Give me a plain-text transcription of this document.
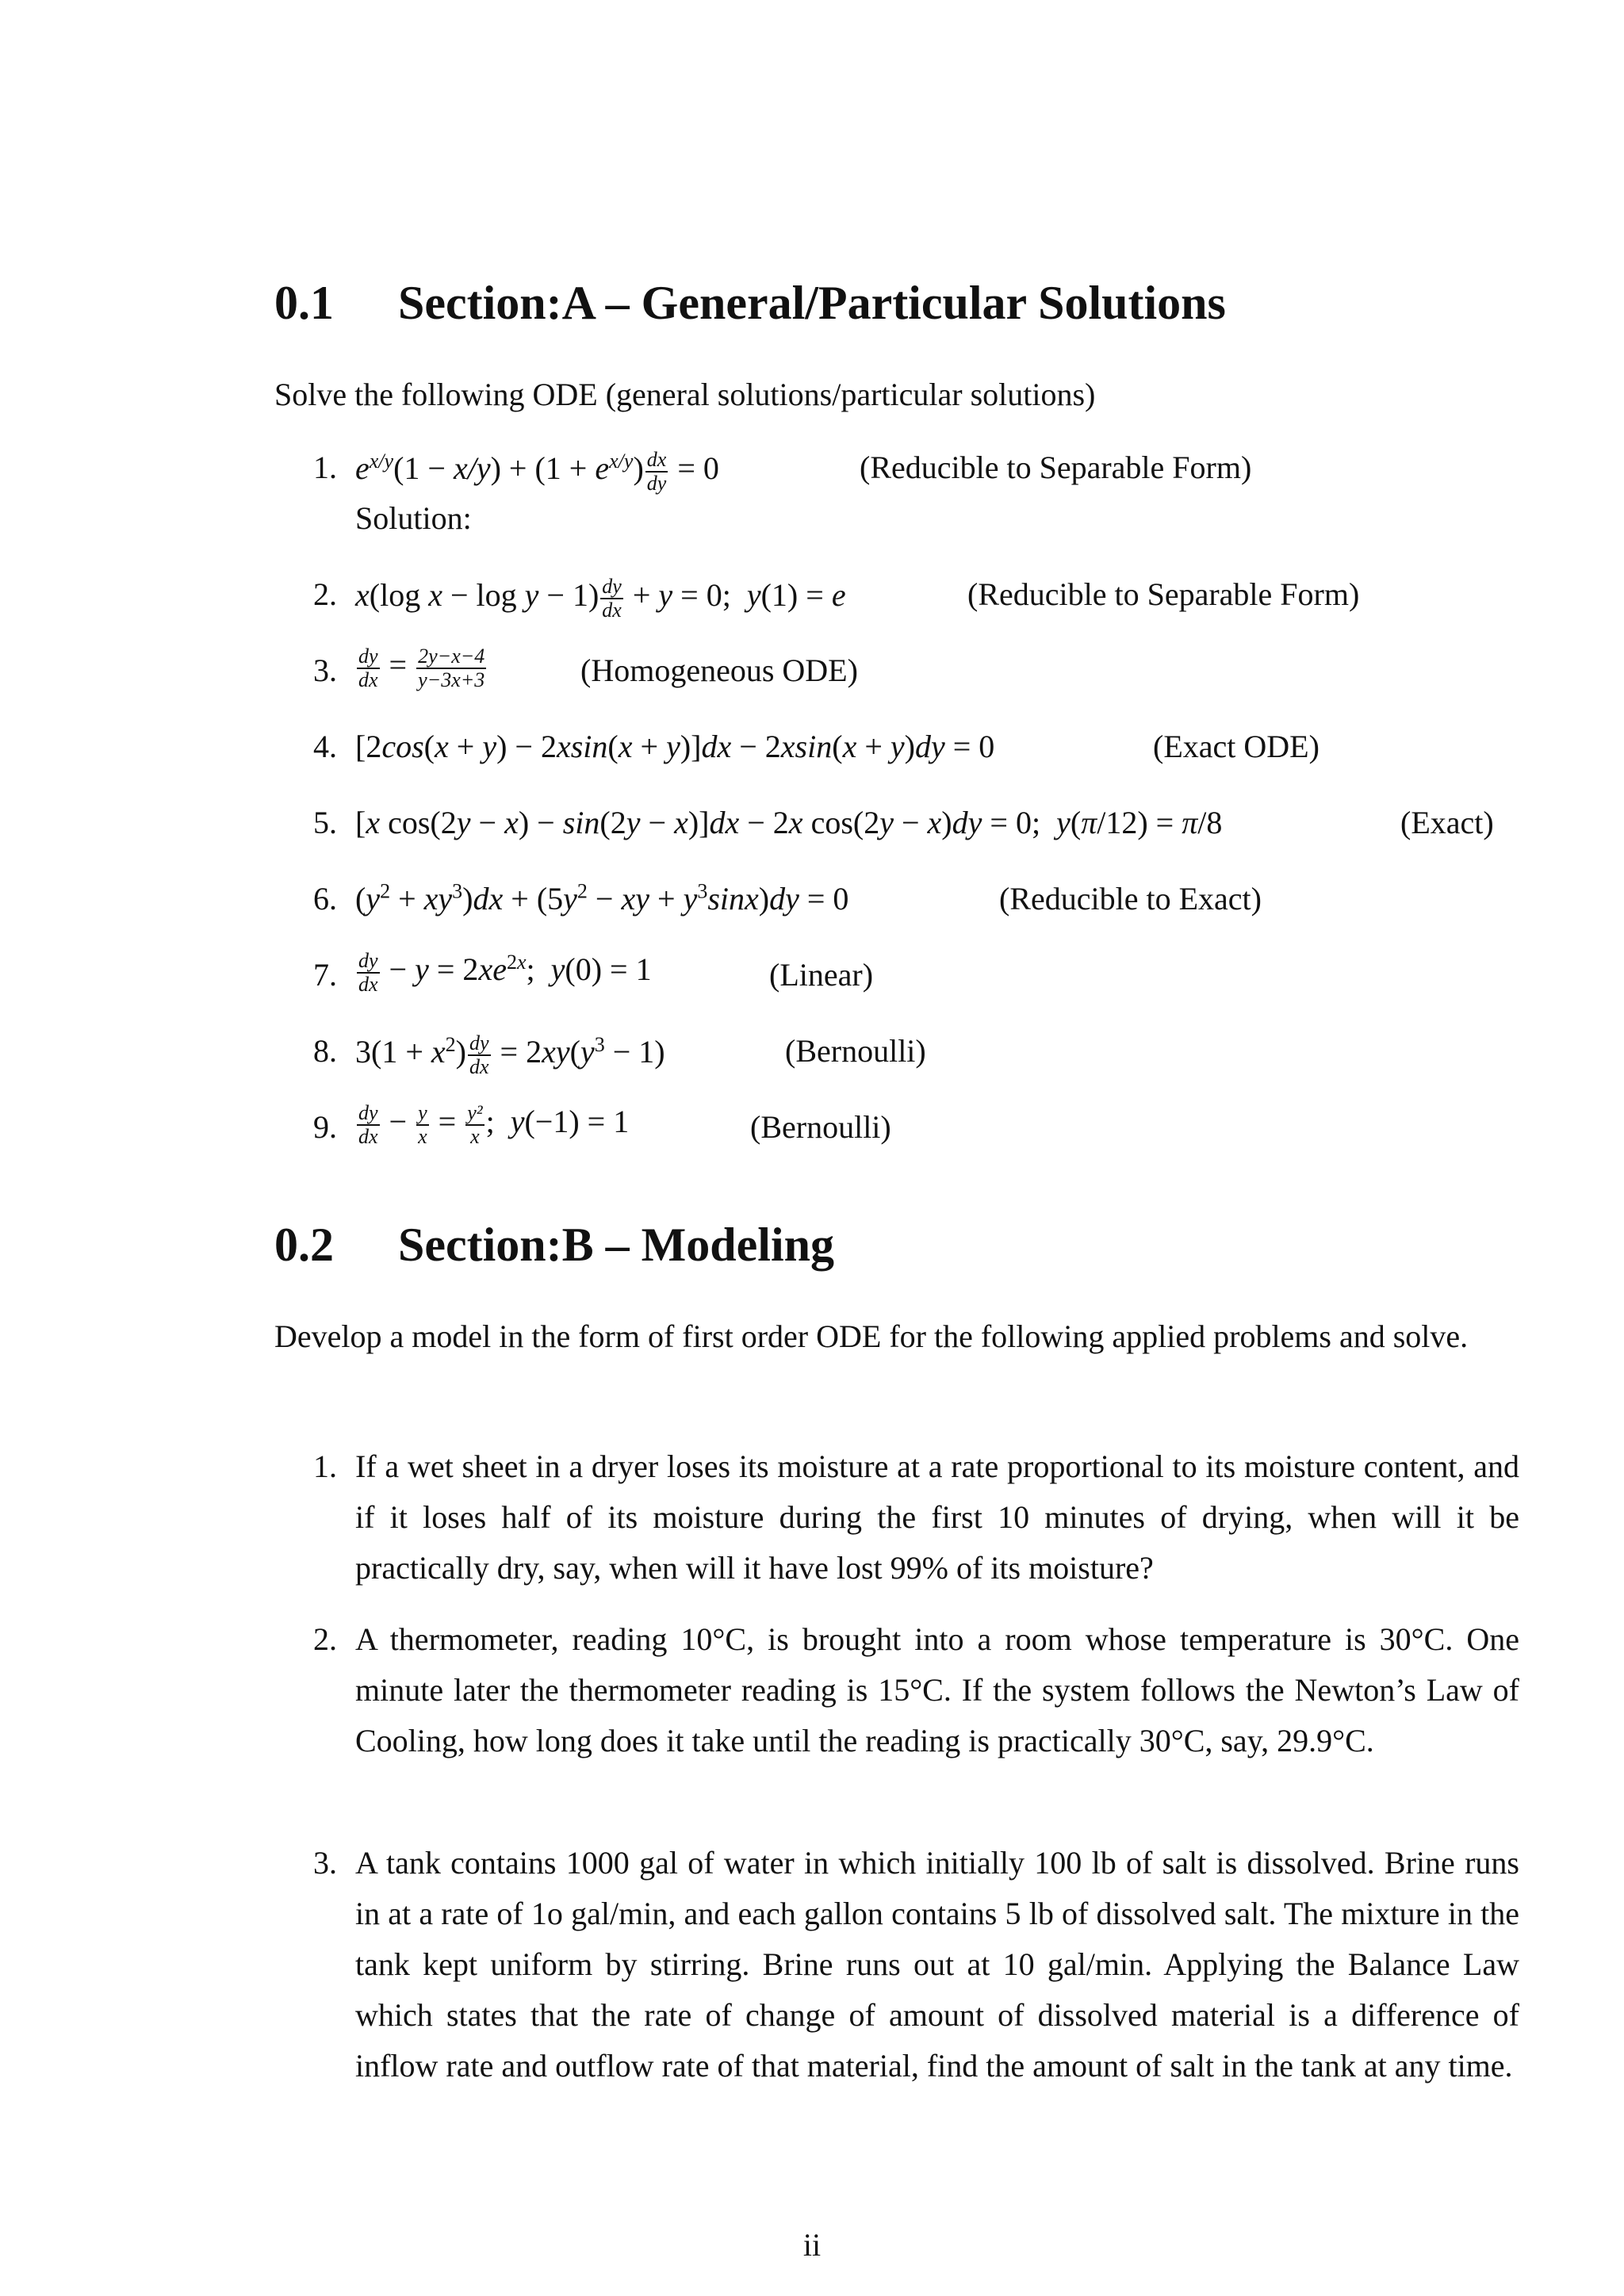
0.1 Section:A – General/Particular Solutions
Solve the following ODE (general solutions/particular solutions)
1. $e^{x/y}(1 - x/y) + (1 + e^{x/y}) \frac{dx}{dy} = 0$	(Reducible to Separable Form)
Solution:
2. x(log $x - \log y - 1) \frac{dy}{dx} + y = 0$;  y(1) = e	(Reducible to Separable Form)
3. $\frac{dy}{dx} = \frac{2y-x-4}{y-3x+3}$	(Homogeneous ODE)
4. [2cos(x + y) − 2xsin(x + y)]dx − 2xsin(x + y)dy = 0	(Exact ODE)
5. [x cos(2y − x) − sin(2y − x)]dx − 2x cos(2y − x)dy = 0;  y(π/12) = π/8	(Exact)
6. $(y^2 + xy^3)dx + (5y^2$ − xy + $y^3\sin x)dy = 0$	(Reducible to Exact)
7. $\frac{dy}{dx} - y = 2xe^{2x}$;  y(0) = 1	(Linear)
8. $3(1 + x^2) \frac{dy}{dx} = 2xy(y^3 - 1)$	(Bernoulli)
9. $\frac{dy}{dx} - \frac{y}{x} = \frac{\text{y²}}{x}$ ;  y(−1) = 1	(Bernoulli)
0.2 Section:B – Modeling
Develop a model in the form of first order ODE for the following applied problems and solve.
1. If a wet sheet in a dryer loses its moisture at a rate proportional to its moisture content, and if it loses half of its moisture during the first 10 minutes of drying, when will it be practically dry, say, when will it have lost 99% of its moisture?
2. A thermometer, reading 10°C, is brought into a room whose temperature is 30°C. One minute later the thermometer reading is 15°C. If the system follows the Newton’s Law of Cooling, how long does it take until the reading is practically 30°C, say, 29.9°C.
3. A tank contains 1000 gal of water in which initially 100 lb of salt is dissolved. Brine runs in at a rate of 1o gal/min, and each gallon contains 5 lb of dissolved salt. The mixture in the tank kept uniform by stirring. Brine runs out at 10 gal/min. Applying the Balance Law which states that the rate of change of amount of dissolved material is a difference of inflow rate and outflow rate of that material, find the amount of salt in the tank at any time.
ii
